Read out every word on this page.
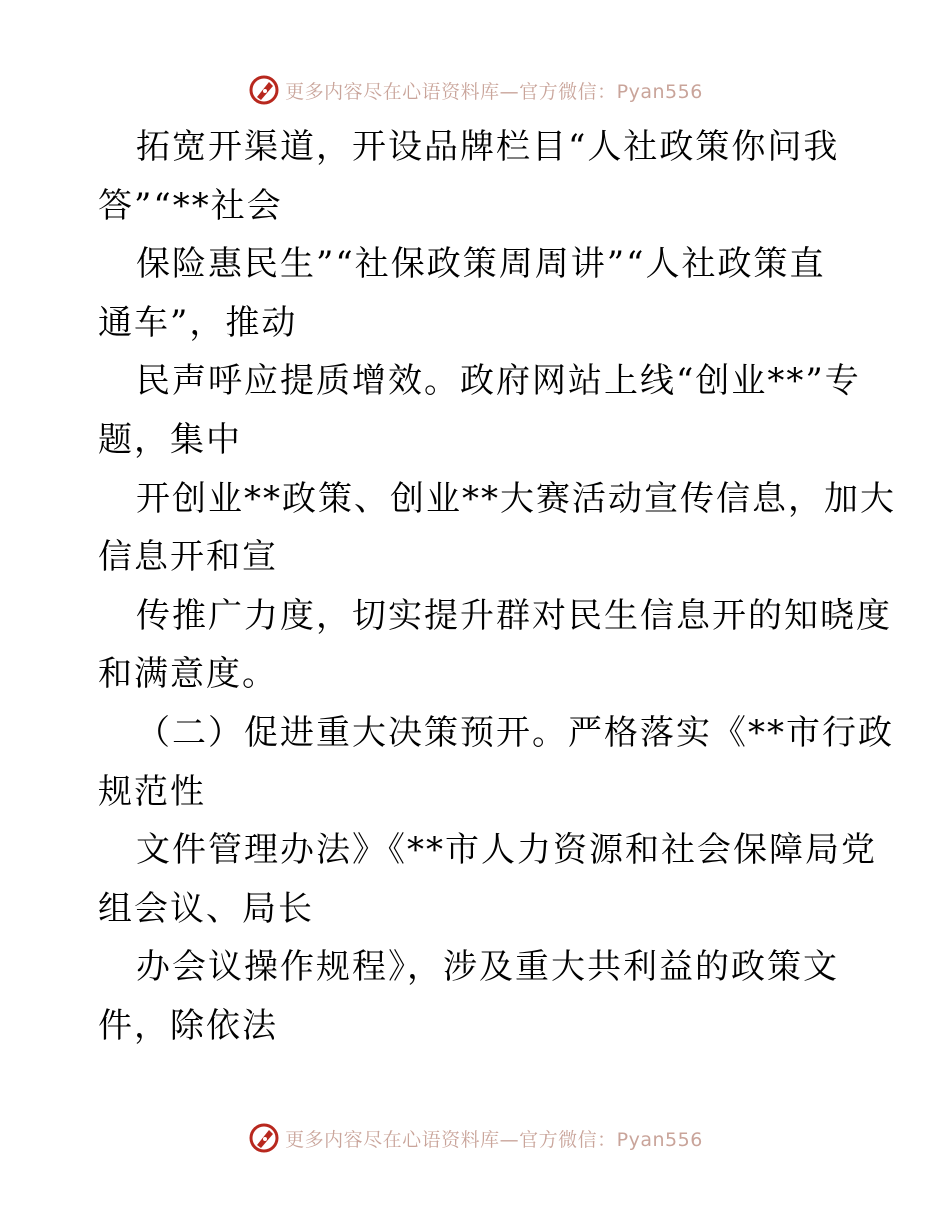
更多内容尽在心语资料库—官方微信：Pyan556
拓宽开渠道，开设品牌栏目“人社政策你问我
答”“**社会
保险惠民生”“社保政策周周讲”“人社政策直
通车”，推动
民声呼应提质增效。政府网站上线“创业**”专
题，集中
开创业**政策、创业**大赛活动宣传信息，加大
信息开和宣
传推广力度，切实提升群对民生信息开的知晓度
和满意度。
（二）促进重大决策预开。严格落实《**市行政
规范性
文件管理办法》《**市人力资源和社会保障局党
组会议、局长
办会议操作规程》，涉及重大共利益的政策文
件，除依法
更多内容尽在心语资料库—官方微信：Pyan556
